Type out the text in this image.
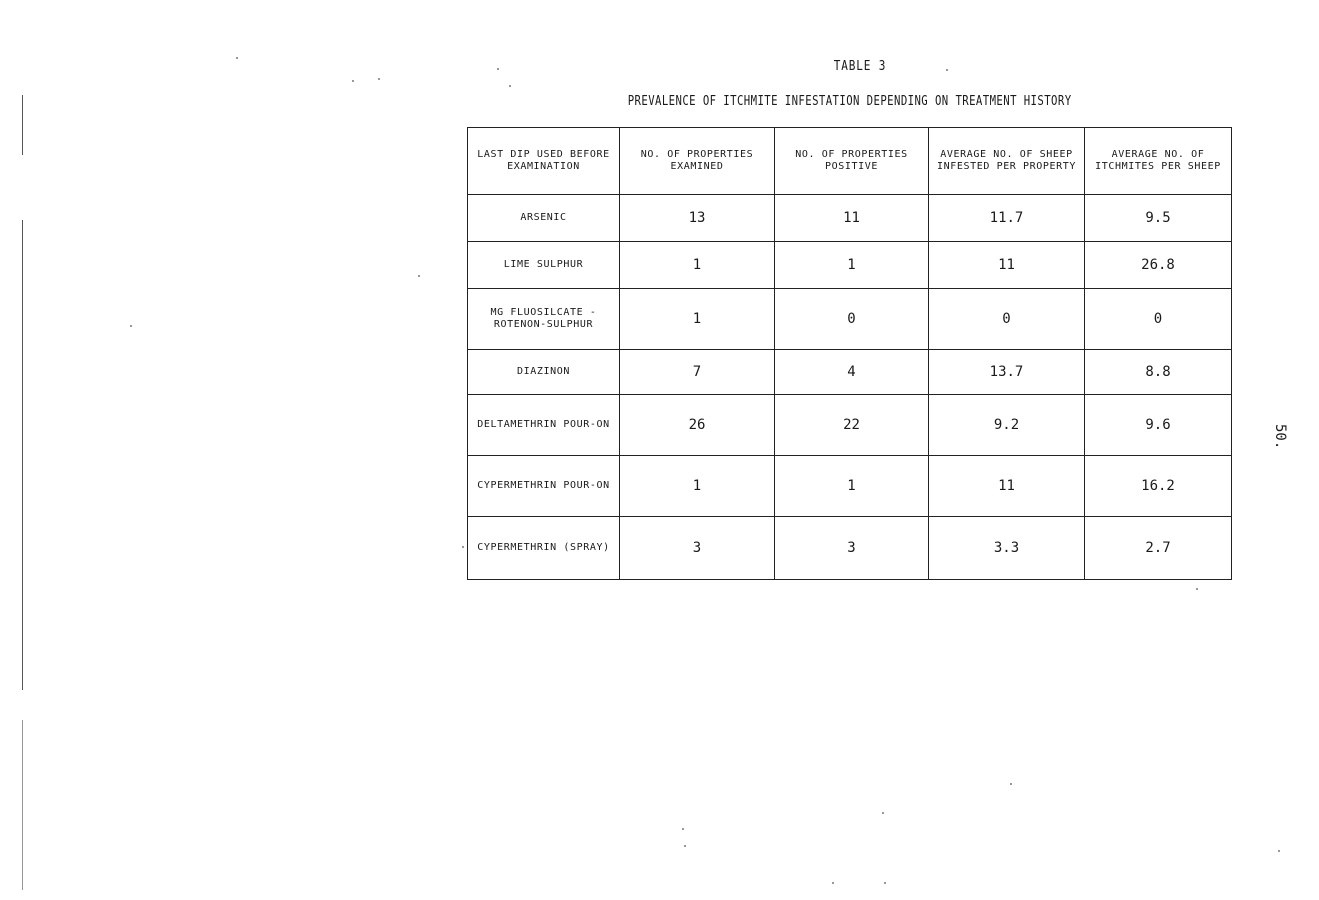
TABLE 3
PREVALENCE OF ITCHMITE INFESTATION DEPENDING ON TREATMENT HISTORY
50.
LAST DIP USED BEFORE EXAMINATION	NO. OF PROPERTIES EXAMINED	NO. OF PROPERTIES POSITIVE	AVERAGE NO. OF SHEEP INFESTED PER PROPERTY	AVERAGE NO. OF ITCHMITES PER SHEEP
ARSENIC	13	11	11.7	9.5
LIME SULPHUR	1	1	11	26.8
MG FLUOSILCATE - ROTENON-SULPHUR	1	0	0	0
DIAZINON	7	4	13.7	8.8
DELTAMETHRIN POUR-ON	26	22	9.2	9.6
CYPERMETHRIN POUR-ON	1	1	11	16.2
CYPERMETHRIN (SPRAY)	3	3	3.3	2.7
